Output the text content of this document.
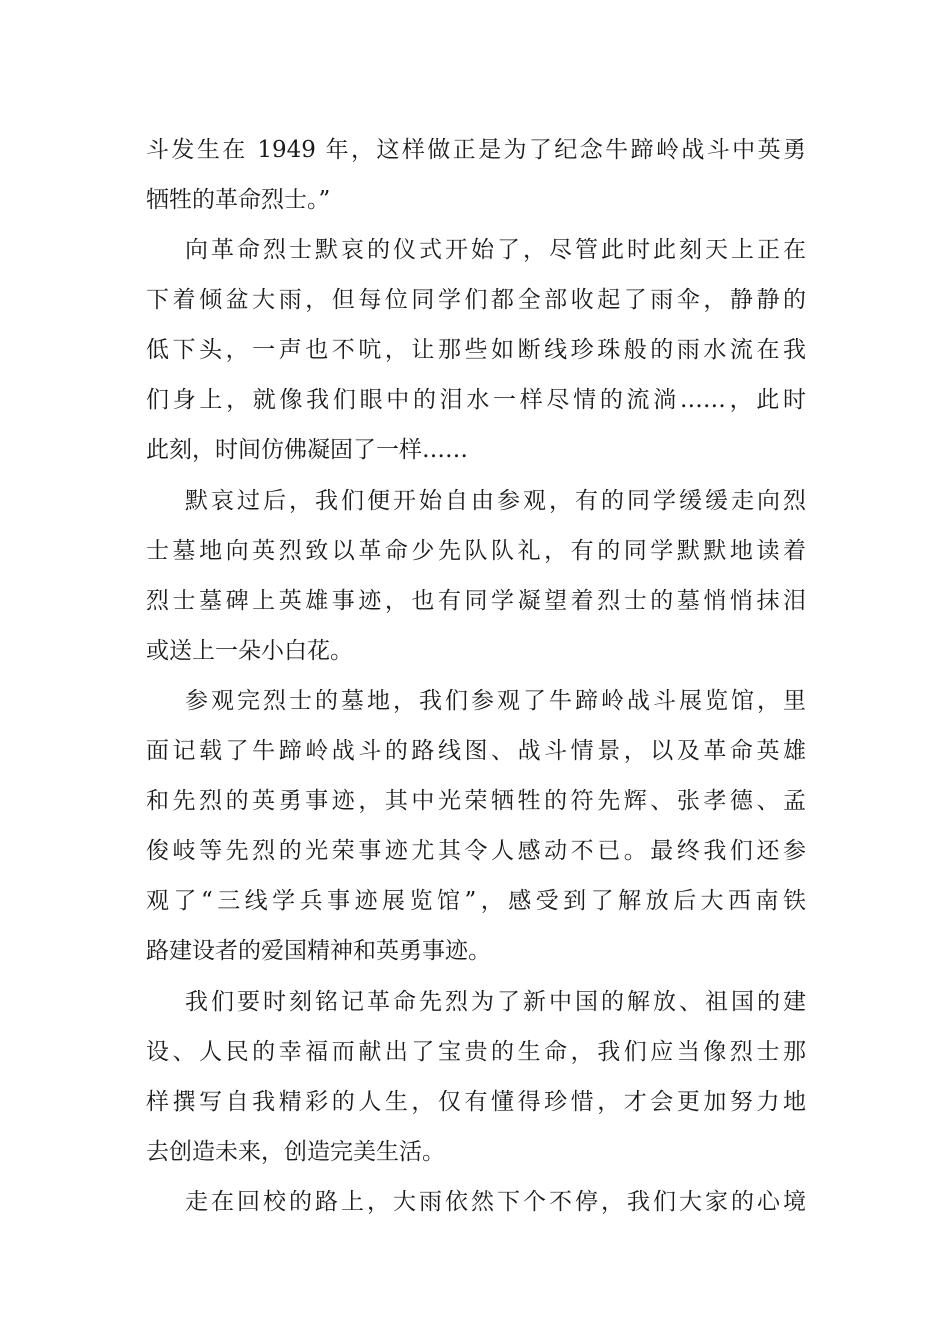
斗发生在 1949 年，这样做正是为了纪念牛蹄岭战斗中英勇
牺牲的革命烈士。”
向革命烈士默哀的仪式开始了，尽管此时此刻天上正在
下着倾盆大雨，但每位同学们都全部收起了雨伞，静静的
低下头，一声也不吭，让那些如断线珍珠般的雨水流在我
们身上，就像我们眼中的泪水一样尽情的流淌……，此时
此刻，时间仿佛凝固了一样……
默哀过后，我们便开始自由参观，有的同学缓缓走向烈
士墓地向英烈致以革命少先队队礼，有的同学默默地读着
烈士墓碑上英雄事迹，也有同学凝望着烈士的墓悄悄抹泪
或送上一朵小白花。
参观完烈士的墓地，我们参观了牛蹄岭战斗展览馆，里
面记载了牛蹄岭战斗的路线图、战斗情景，以及革命英雄
和先烈的英勇事迹，其中光荣牺牲的符先辉、张孝德、孟
俊岐等先烈的光荣事迹尤其令人感动不已。最终我们还参
观了“三线学兵事迹展览馆”，感受到了解放后大西南铁
路建设者的爱国精神和英勇事迹。
我们要时刻铭记革命先烈为了新中国的解放、祖国的建
设、人民的幸福而献出了宝贵的生命，我们应当像烈士那
样撰写自我精彩的人生，仅有懂得珍惜，才会更加努力地
去创造未来，创造完美生活。
走在回校的路上，大雨依然下个不停，我们大家的心境
